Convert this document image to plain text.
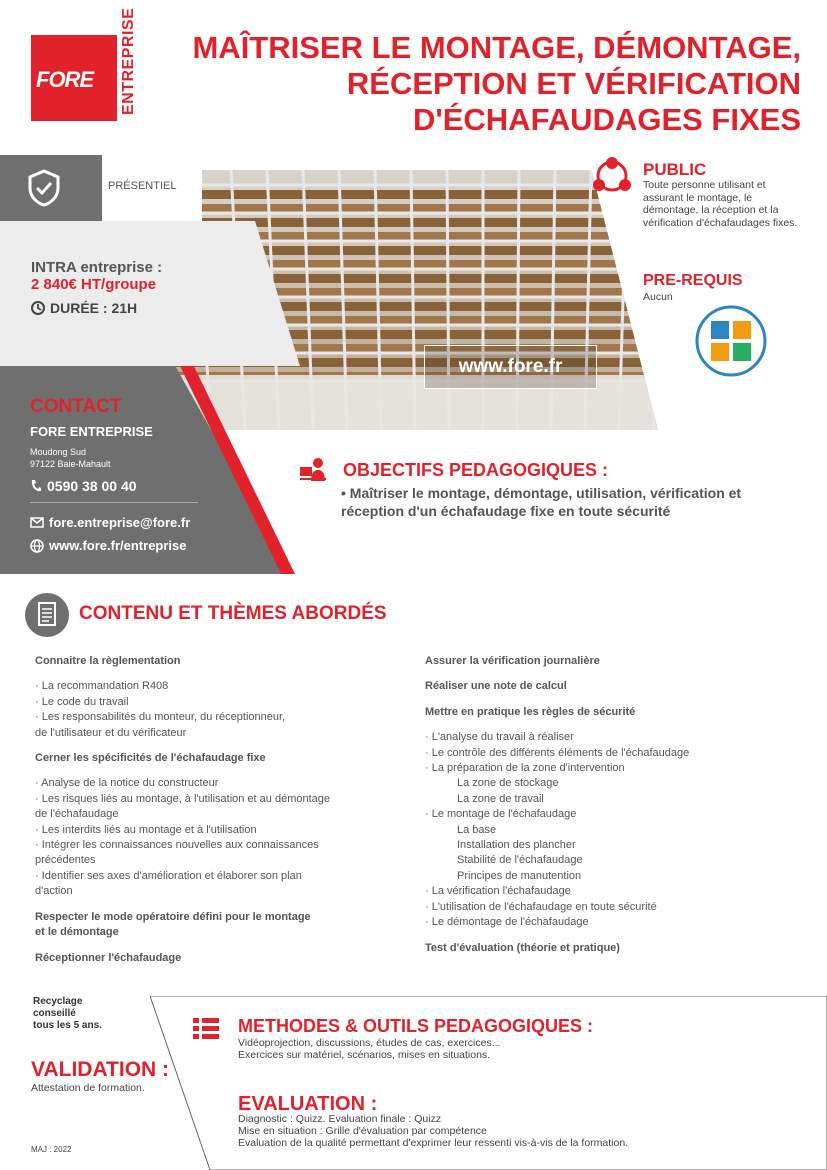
FORE ENTREPRISE	MAÎTRISER LE MONTAGE, DÉMONTAGE, RÉCEPTION ET VÉRIFICATION D'ÉCHAFAUDAGES FIXES
www.fore.fr
PRÉSENTIEL
INTRA entreprise :
2 840€ HT/groupe
DURÉE : 21H
CONTACT
FORE ENTREPRISE
Moudong Sud
97122 Baie-Mahault
0590 38 00 40
fore.entreprise@fore.fr
www.fore.fr/entreprise
PUBLIC
Toute personne utilisant et assurant le montage, le démontage, la réception et la vérification d'échafaudages fixes.
PRE-REQUIS
Aucun
OBJECTIFS PEDAGOGIQUES :
• Maîtriser le montage, démontage, utilisation, vérification et réception d'un échafaudage fixe en toute sécurité
CONTENU ET THÈMES ABORDÉS
Connaitre la règlementation
· La recommandation R408
· Le code du travail
· Les responsabilités du monteur, du réceptionneur,
de l'utilisateur et du vérificateur
Cerner les spécificités de l'échafaudage fixe
· Analyse de la notice du constructeur
· Les risques liés au montage, à l'utilisation et au démontage
de l'échafaudage
· Les interdits liés au montage et à l'utilisation
· Intégrer les connaissances nouvelles aux connaissances
précédentes
· Identifier ses axes d'amélioration et élaborer son plan
d'action
Respecter le mode opératoire défini pour le montage
et le démontage
Réceptionner l'échafaudage
Assurer la vérification journalière
Réaliser une note de calcul
Mettre en pratique les règles de sécurité
· L'analyse du travail à réaliser
· Le contrôle des différents éléments de l'échafaudage
· La préparation de la zone d'intervention
La zone de stockage
La zone de travail
· Le montage de l'échafaudage
La base
Installation des plancher
Stabilité de l'échafaudage
Principes de manutention
· La vérification l'échafaudage
· L'utilisation de l'échafaudage en toute sécurité
· Le démontage de l'échafaudage
Test d'évaluation (théorie et pratique)
Recyclage
conseillé
tous les 5 ans.
VALIDATION :
Attestation de formation.
MAJ : 2022
METHODES & OUTILS PEDAGOGIQUES :
Vidéoprojection, discussions, études de cas, exercices...
Exercices sur matériel, scénarios, mises en situations.
EVALUATION :
Diagnostic : Quizz. Evaluation finale : Quizz
Mise en situation : Grille d'évaluation par compétence
Evaluation de la qualité permettant d'exprimer leur ressenti vis-à-vis de la formation.
